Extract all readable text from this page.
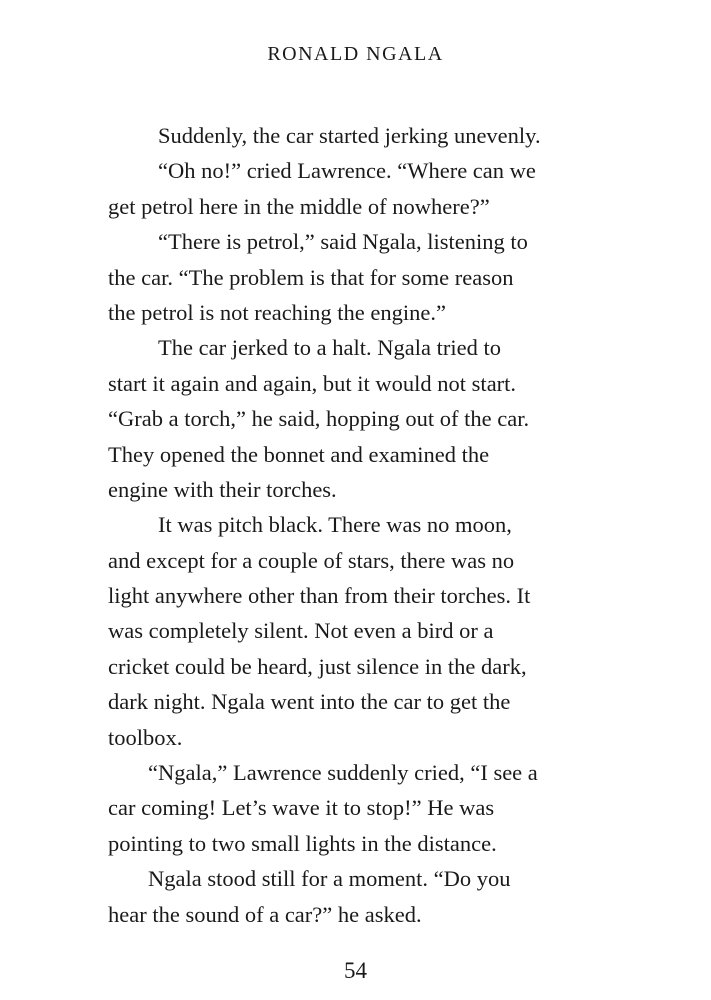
RONALD NGALA
Suddenly, the car started jerking unevenly.
“Oh no!” cried Lawrence. “Where can we
get petrol here in the middle of nowhere?”
“There is petrol,” said Ngala, listening to
the car. “The problem is that for some reason
the petrol is not reaching the engine.”
The car jerked to a halt. Ngala tried to
start it again and again, but it would not start.
“Grab a torch,” he said, hopping out of the car.
They opened the bonnet and examined the
engine with their torches.
It was pitch black. There was no moon,
and except for a couple of stars, there was no
light anywhere other than from their torches. It
was completely silent. Not even a bird or a
cricket could be heard, just silence in the dark,
dark night. Ngala went into the car to get the
toolbox.
“Ngala,” Lawrence suddenly cried, “I see a
car coming! Let’s wave it to stop!” He was
pointing to two small lights in the distance.
Ngala stood still for a moment. “Do you
hear the sound of a car?” he asked.
54
